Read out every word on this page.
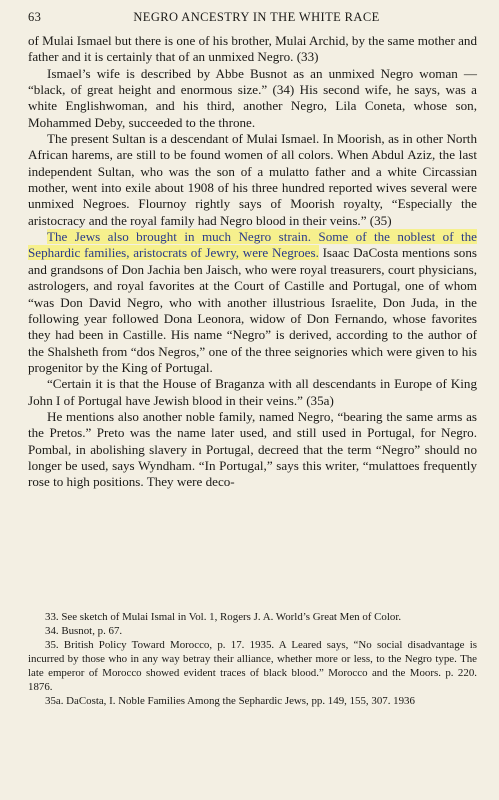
63	NEGRO ANCESTRY IN THE WHITE RACE

of Mulai Ismael but there is one of his brother, Mulai Archid, by the same mother and father and it is certainly that of an unmixed Negro. (33)

Ismael’s wife is described by Abbe Busnot as an unmixed Negro woman — “black, of great height and enormous size.” (34) His second wife, he says, was a white Englishwoman, and his third, another Negro, Lila Coneta, whose son, Mohammed Deby, succeeded to the throne.

The present Sultan is a descendant of Mulai Ismael. In Moorish, as in other North African harems, are still to be found women of all colors. When Abdul Aziz, the last independent Sultan, who was the son of a mulatto father and a white Circassian mother, went into exile about 1908 of his three hundred reported wives several were unmixed Negroes. Flournoy rightly says of Moorish royalty, “Especially the aristocracy and the royal family had Negro blood in their veins.” (35)

The Jews also brought in much Negro strain. Some of the noblest of the Sephardic families, aristocrats of Jewry, were Negroes. Isaac DaCosta mentions sons and grandsons of Don Jachia ben Jaisch, who were royal treasurers, court physicians, astrologers, and royal favorites at the Court of Castille and Portugal, one of whom “was Don David Negro, who with another illustrious Israelite, Don Juda, in the following year followed Dona Leonora, widow of Don Fernando, whose favorites they had been in Castille. His name “Negro” is derived, according to the author of the Shalsheth from “dos Negros,” one of the three seignories which were given to his progenitor by the King of Portugal.

“Certain it is that the House of Braganza with all descendants in Europe of King John I of Portugal have Jewish blood in their veins.” (35a)

He mentions also another noble family, named Negro, “bearing the same arms as the Pretos.” Preto was the name later used, and still used in Portugal, for Negro. Pombal, in abolishing slavery in Portugal, decreed that the term “Negro” should no longer be used, says Wyndham. “In Portugal,” says this writer, “mulattoes frequently rose to high positions. They were deco-

33. See sketch of Mulai Ismal in Vol. 1, Rogers J. A. World’s Great Men of Color.

34. Busnot, p. 67.

35. British Policy Toward Morocco, p. 17. 1935. A Leared says, “No social disadvantage is incurred by those who in any way betray their alliance, whether more or less, to the Negro type. The late emperor of Morocco showed evident traces of black blood.” Morocco and the Moors. p. 220. 1876.

35a. DaCosta, I. Noble Families Among the Sephardic Jews, pp. 149, 155, 307. 1936
